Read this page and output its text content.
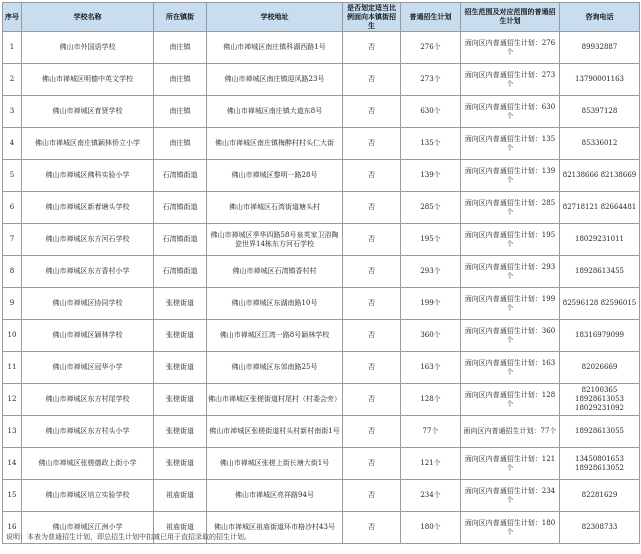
序号	学校名称	所在镇街	学校地址	是否划定适当比例面向本镇街招生	普通招生计划	招生范围及对应范围的普通招生计划	咨询电话
1	佛山市外国语学校	南庄镇	佛山市禅城区南庄镇科湖西路1号	否	276个	面向区内普通招生计划：276个	89932887
2	佛山市禅城区明德中英文学校	南庄镇	佛山市禅城区南庄镇迎风路23号	否	273个	面向区内普通招生计划：273个	13790001163
3	佛山市禅城区育贤学校	南庄镇	佛山市禅城区南庄镇大道东8号	否	630个	面向区内普通招生计划：630个	85397128
4	佛山市禅城区南庄镇颖林侨立小学	南庄镇	佛山市禅城区南庄镇梅醉村村头仁大街	否	135个	面向区内普通招生计划：135个	85336012
5	佛山市禅城区佛科实验小学	石湾镇街道	佛山市禅城区黎明一路28号	否	139个	面向区内普通招生计划：139个	82138666 82138669
6	佛山市禅城区新着塘头学校	石湾镇街道	佛山市禅城区石湾街道塘头村	否	285个	面向区内普通招生计划：285个	82718121 82664481
7	佛山市禅城区东方河石学校	石湾镇街道	佛山市禅城区季华四路58号泉英家卫浴陶瓷世界14栋东方河石学校	否	195个	面向区内普通招生计划：195个	18029231011
8	佛山市禅城区东方香村小学	石湾镇街道	佛山市禅城区石湾镇香村村	否	293个	面向区内普通招生计划：293个	18928613455
9	佛山市禅城区协同学校	张槎街道	佛山市禅城区东湖南路10号	否	199个	面向区内普通招生计划：199个	82596128 82596015
10	佛山市禅城区颖林学校	张槎街道	佛山市禅城区江湾一路8号颖林学校	否	360个	面向区内普通招生计划：360个	18316979099
11	佛山市禅城区冠华小学	张槎街道	佛山市禅城区东郊南路25号	否	163个	面向区内普通招生计划：163个	82026669
12	佛山市禅城区东方村尾学校	张槎街道	佛山市禅城区张槎街道村尾村（村委会旁）	否	128个	面向区内普通招生计划：128个	82100365 18928613053 18029231092
13	佛山市禅城区东方村头小学	张槎街道	佛山市禅城区张槎街道村头村新村南街1号	否	77个	面向区内普通招生计划：77个	18928613055
14	佛山市禅城区张槎德政上街小学	张槎街道	佛山市禅城区张槎上街长塘大街1号	否	121个	面向区内普通招生计划：121个	13450801653 18928613052
15	佛山市禅城区培立实验学校	祖庙街道	佛山市禅城区亮祥路94号	否	234个	面向区内普通招生计划：234个	82281629
16	佛山市禅城区江洲小学	祖庙街道	佛山市禅城区祖庙街道环市格沙村43号	否	180个	面向区内普通招生计划：180个	82308733
说明：本表为普通招生计划，即总招生计划中扣减已用于直招录取的招生计划。
